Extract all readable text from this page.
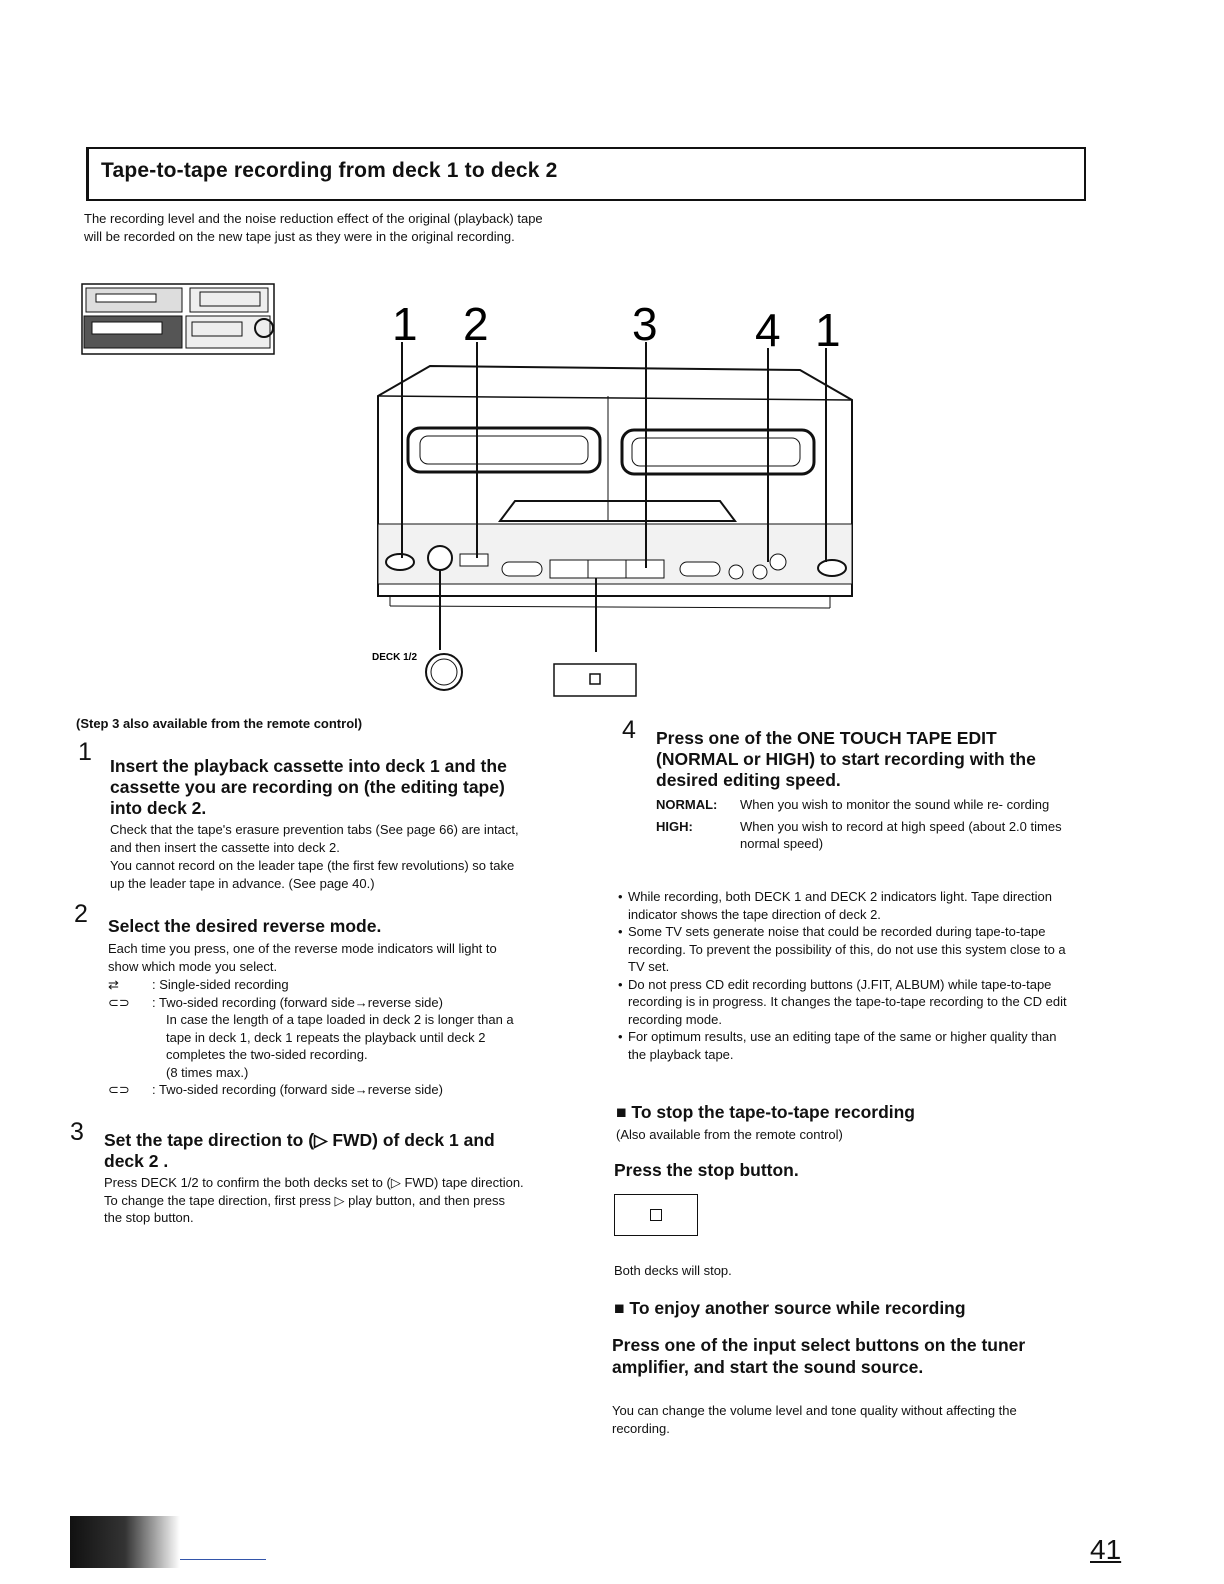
Tape-to-tape recording from deck 1 to deck 2
The recording level and the noise reduction effect of the original (playback) tape will be recorded on the new tape just as they were in the original recording.
1 2	3 4 1
DECK 1/2
(Step 3 also available from the remote control)
1 Insert the playback cassette into deck 1 and the cassette you are recording on (the editing tape) into deck 2.
Check that the tape's erasure prevention tabs (See page 66) are intact, and then insert the cassette into deck 2.
You cannot record on the leader tape (the first few revolutions) so take up the leader tape in advance. (See page 40.)
2 Select the desired reverse mode.
Each time you press, one of the reverse mode indicators will light to show which mode you select.
⇄	: Single-sided recording
⊂⊃	: Two-sided recording (forward side→reverse side)
In case the length of a tape loaded in deck 2 is longer than a tape in deck 1, deck 1 repeats the playback until deck 2 completes the two-sided recording.
(8 times max.)
⊂⊃	: Two-sided recording (forward side→reverse side)
3 Set the tape direction to (▷ FWD) of deck 1 and deck 2 .
Press DECK 1/2 to confirm the both decks set to (▷ FWD) tape direction. To change the tape direction, first press ▷ play button, and then press the stop button.
4 Press one of the ONE TOUCH TAPE EDIT (NORMAL or HIGH) to start recording with the desired editing speed.
NORMAL:	When you wish to monitor the sound while re- cording
HIGH:	When you wish to record at high speed (about 2.0 times normal speed)
• While recording, both DECK 1 and DECK 2 indicators light. Tape direction indicator shows the tape direction of deck 2.
• Some TV sets generate noise that could be recorded during tape-to-tape recording. To prevent the possibility of this, do not use this system close to a TV set.
• Do not press CD edit recording buttons (J.FIT, ALBUM) while tape-to-tape recording is in progress. It changes the tape-to-tape recording to the CD edit recording mode.
• For optimum results, use an editing tape of the same or higher quality than the playback tape.
■ To stop the tape-to-tape recording
(Also available from the remote control)
Press the stop button.
Both decks will stop.
■ To enjoy another source while recording
Press one of the input select buttons on the tuner amplifier, and start the sound source.
You can change the volume level and tone quality without affecting the recording.
41
